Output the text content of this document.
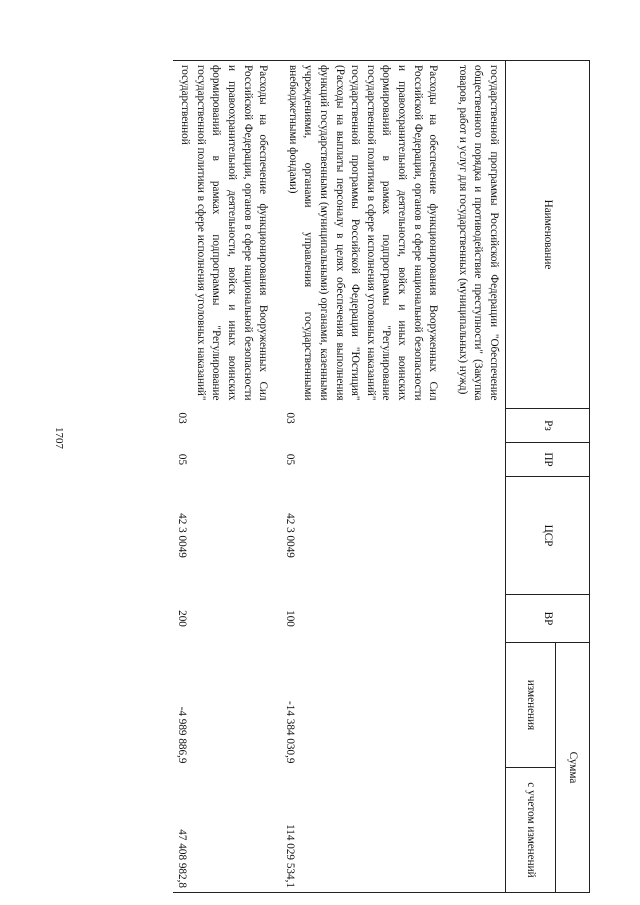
1707
Наименование	Рз	ПР	ЦСР	ВР	Сумма	
					изменения	с учетом изменений
государственной программы Российской Федерации "Обеспечение общественного порядка и противодействие преступности" (Закупка товаров, работ и услуг для государственных (муниципальных) нужд)						
Расходы на обеспечение функционирования Вооруженных Сил Российской Федерации, органов в сфере национальной безопасности и правоохранительной деятельности, войск и иных воинских формирований в рамках подпрограммы "Регулирование государственной политики в сфере исполнения уголовных наказаний" государственной программы Российской Федерации "Юстиция" (Расходы на выплаты персоналу в целях обеспечения выполнения функций государственными (муниципальными) органами, казенными учреждениями, органами управления государственными внебюджетными фондами)	03	05	42 3 0049	100	-14 384 030,9	114 029 534,1
Расходы на обеспечение функционирования Вооруженных Сил Российской Федерации, органов в сфере национальной безопасности и правоохранительной деятельности, войск и иных воинских формирований в рамках подпрограммы "Регулирование государственной политики в сфере исполнения уголовных наказаний" государственной	03	05	42 3 0049	200	-4 989 886,9	47 408 982,8
